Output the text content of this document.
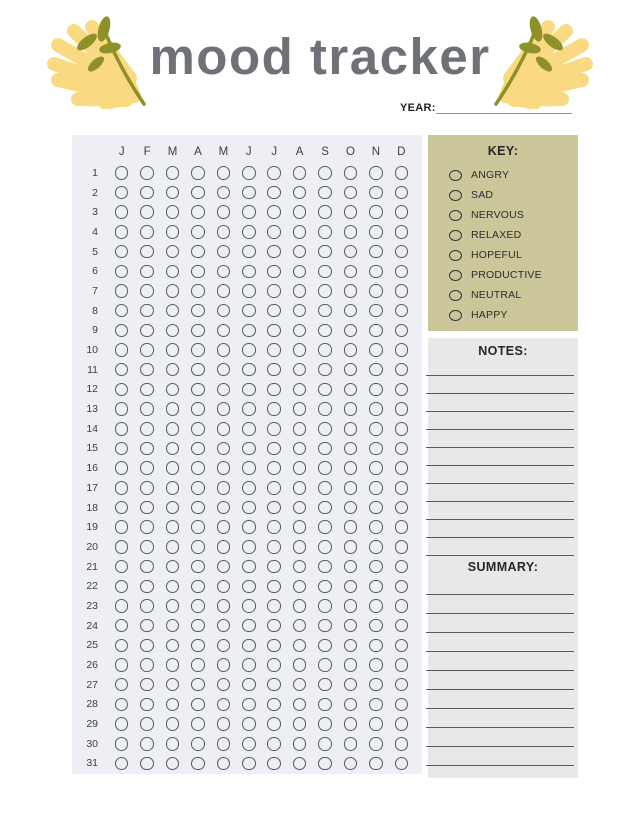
mood tracker
YEAR:
J	F	M	A	M	J	J	A	S	O	N	D
1
2
3
4
5
6
7
8
9
10
11
12
13
14
15
16
17
18
19
20
21
22
23
24
25
26
27
28
29
30
31
KEY:
ANGRY
SAD
NERVOUS
RELAXED
HOPEFUL
PRODUCTIVE
NEUTRAL
HAPPY
NOTES:
SUMMARY:
